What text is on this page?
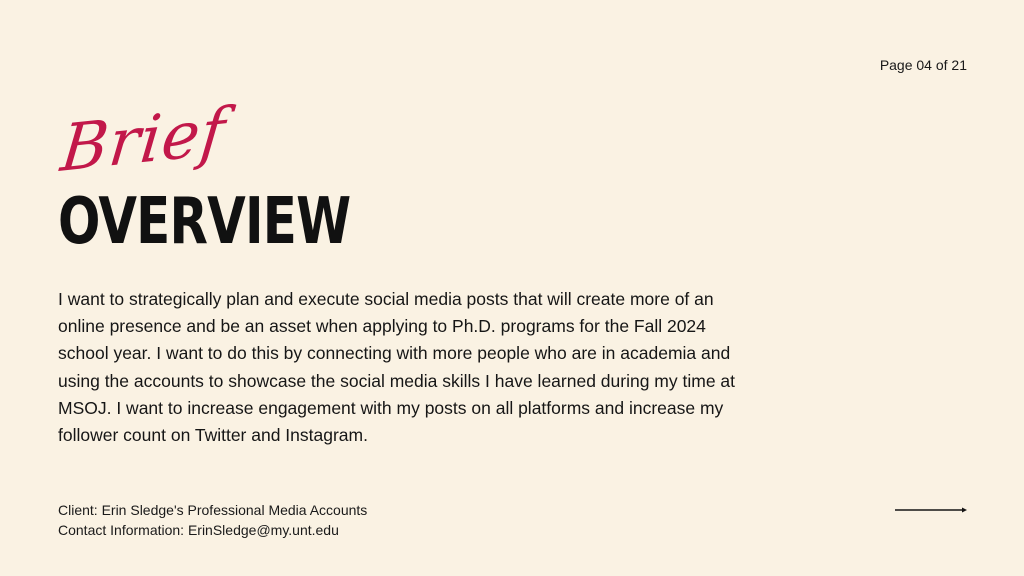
Page 04 of 21
Brief
OVERVIEW
I want to strategically plan and execute social media posts that will create more of an online presence and be an asset when applying to Ph.D. programs for the Fall 2024 school year. I want to do this by connecting with more people who are in academia and using the accounts to showcase the social media skills I have learned during my time at MSOJ. I want to increase engagement with my posts on all platforms and increase my follower count on Twitter and Instagram.
Client: Erin Sledge's Professional Media Accounts
Contact Information: ErinSledge@my.unt.edu
